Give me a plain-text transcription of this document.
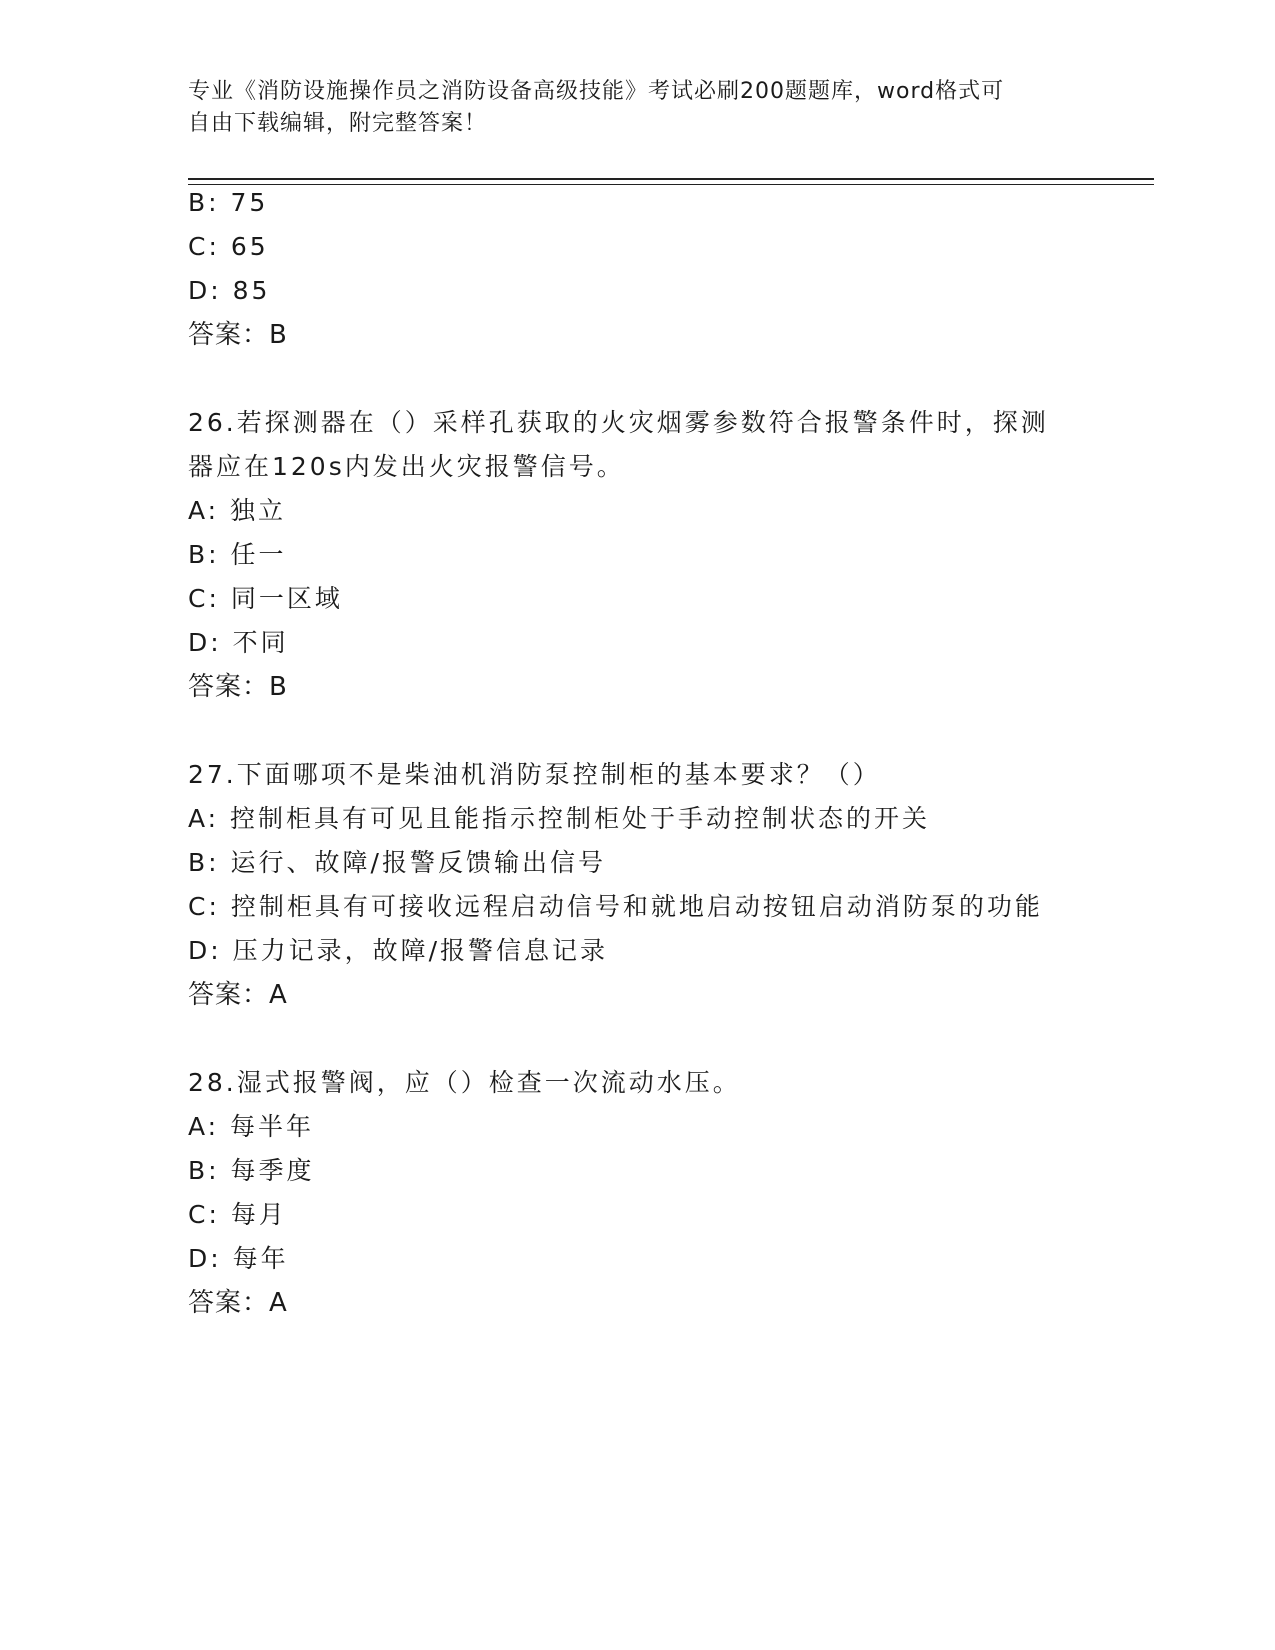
专业《消防设施操作员之消防设备高级技能》考试必刷200题题库，word格式可
自由下载编辑，附完整答案！
B: 75
C: 65
D: 85
答案：B
26.若探测器在（）采样孔获取的火灾烟雾参数符合报警条件时，探测
器应在120s内发出火灾报警信号。
A: 独立
B: 任一
C: 同一区域
D: 不同
答案：B
27.下面哪项不是柴油机消防泵控制柜的基本要求？（）
A: 控制柜具有可见且能指示控制柜处于手动控制状态的开关
B: 运行、故障/报警反馈输出信号
C: 控制柜具有可接收远程启动信号和就地启动按钮启动消防泵的功能
D: 压力记录，故障/报警信息记录
答案：A
28.湿式报警阀，应（）检查一次流动水压。
A: 每半年
B: 每季度
C: 每月
D: 每年
答案：A
